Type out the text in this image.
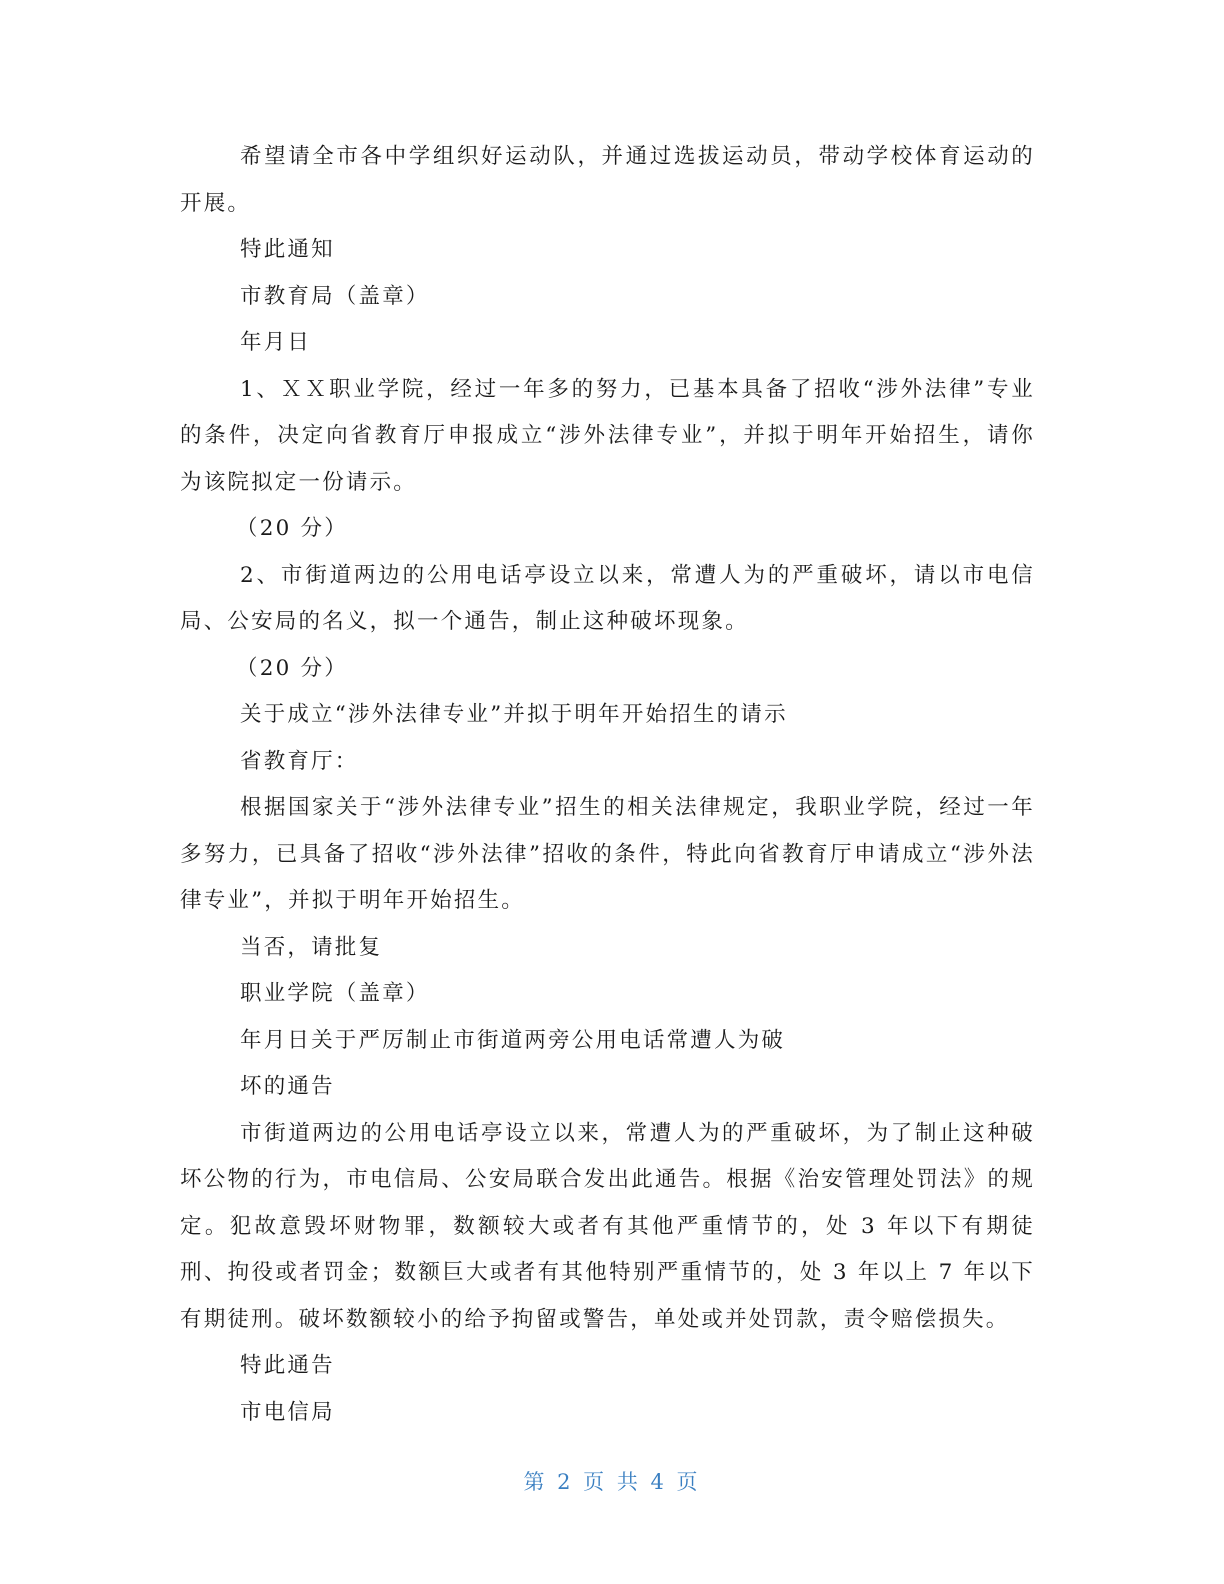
希望请全市各中学组织好运动队，并通过选拔运动员，带动学校体育运动的开展。

特此通知

市教育局（盖章）

年月日

1、ＸＸ职业学院，经过一年多的努力，已基本具备了招收“涉外法律”专业的条件，决定向省教育厅申报成立“涉外法律专业”，并拟于明年开始招生，请你为该院拟定一份请示。

（20 分）

2、市街道两边的公用电话亭设立以来，常遭人为的严重破坏，请以市电信局、公安局的名义，拟一个通告，制止这种破坏现象。

（20 分）

关于成立“涉外法律专业”并拟于明年开始招生的请示

省教育厅：

根据国家关于“涉外法律专业”招生的相关法律规定，我职业学院，经过一年多努力，已具备了招收“涉外法律”招收的条件，特此向省教育厅申请成立“涉外法律专业”，并拟于明年开始招生。

当否，请批复

职业学院（盖章）

年月日关于严厉制止市街道两旁公用电话常遭人为破

坏的通告

市街道两边的公用电话亭设立以来，常遭人为的严重破坏，为了制止这种破坏公物的行为，市电信局、公安局联合发出此通告。根据《治安管理处罚法》的规定。犯故意毁坏财物罪，数额较大或者有其他严重情节的，处 3 年以下有期徒刑、拘役或者罚金；数额巨大或者有其他特别严重情节的，处 3 年以上 7 年以下有期徒刑。破坏数额较小的给予拘留或警告，单处或并处罚款，责令赔偿损失。

特此通告

市电信局

第 2 页 共 4 页
